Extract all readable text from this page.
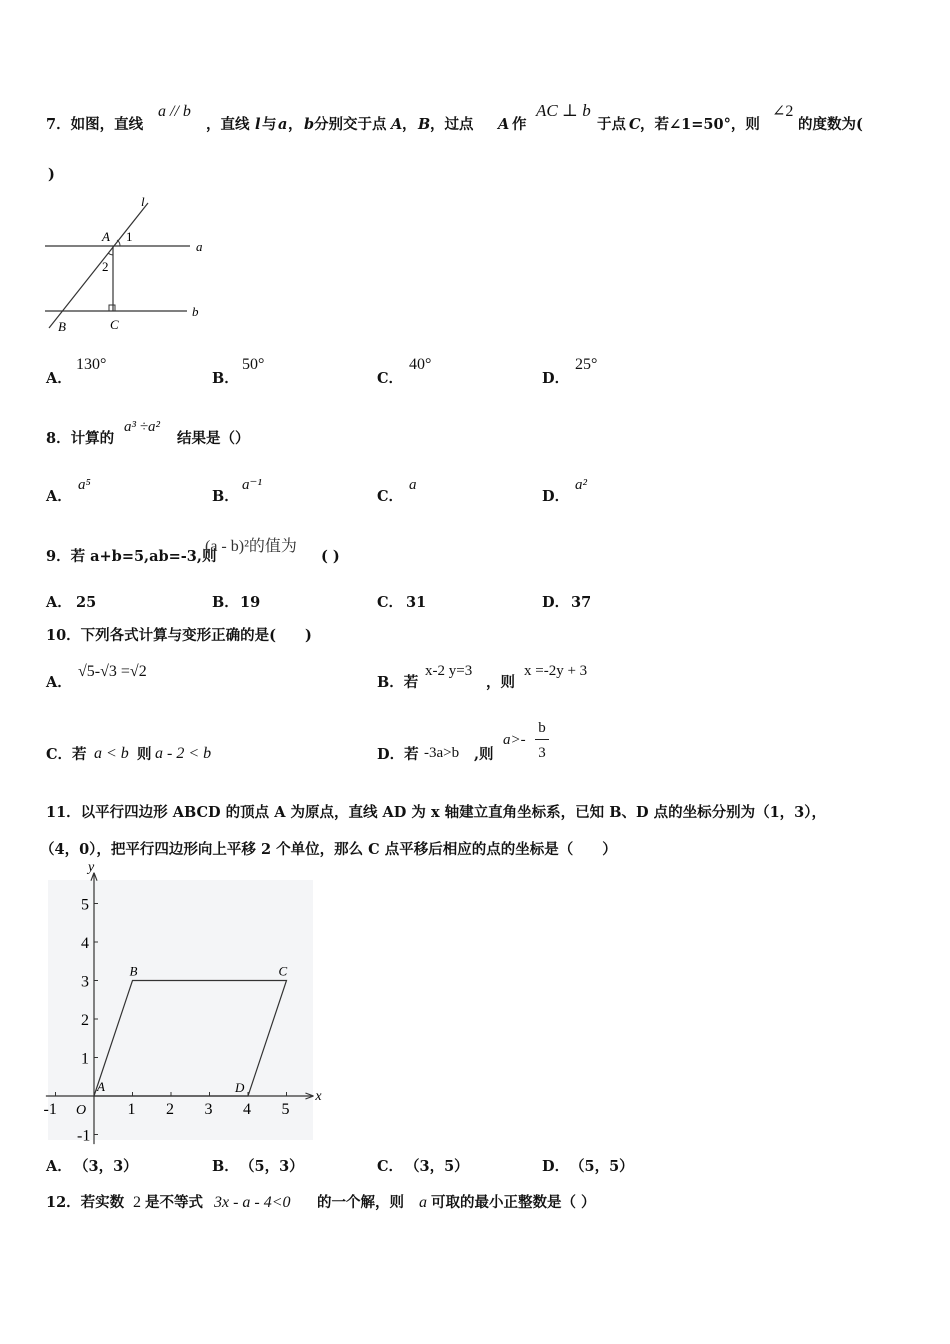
7．如图，直线
a // b
，直线 l 与 a ， b 分别交于点 A ， B ，过点 A 作
AC ⊥ b
于点 C ，若∠1=50°，则
∠2
的度数为(
)
l
a
b
A 1
2
B	C
A．
130°
B．
50°
C．
40°
D．
25°
8．计算的
a³ ÷a²
结果是（）
A．
a⁵
B．
a⁻¹
C．
a
D．
a²
9．若 a+b=5,ab=-3,则
(a - b)²的值为
( )
A． 25	B． 19	C． 31	D． 37
10．下列各式计算与变形正确的是(　　)
A．
√5-√3 =√2
B．若
x-2 y=3
，则
x =-2y + 3
C．若 a < b 则 a - 2 < b	D．若 -3a>b ,则
a>-
b
3
11．以平行四边形 ABCD 的顶点 A 为原点，直线 AD 为 x 轴建立直角坐标系，已知 B、D 点的坐标分别为（1，3），
（4，0），把平行四边形向上平移 2 个单位，那么 C 点平移后相应的点的坐标是（　　）
-1	1 2 3 4 5
-1
1
2
3
4
5
x
y
O
A
B	C
D
A． （3，3）	B． （5，3）	C． （3，5）	D． （5，5）
12．若实数 2 是不等式 3x - a - 4<0 的一个解，则 a 可取的最小正整数是（ ）
